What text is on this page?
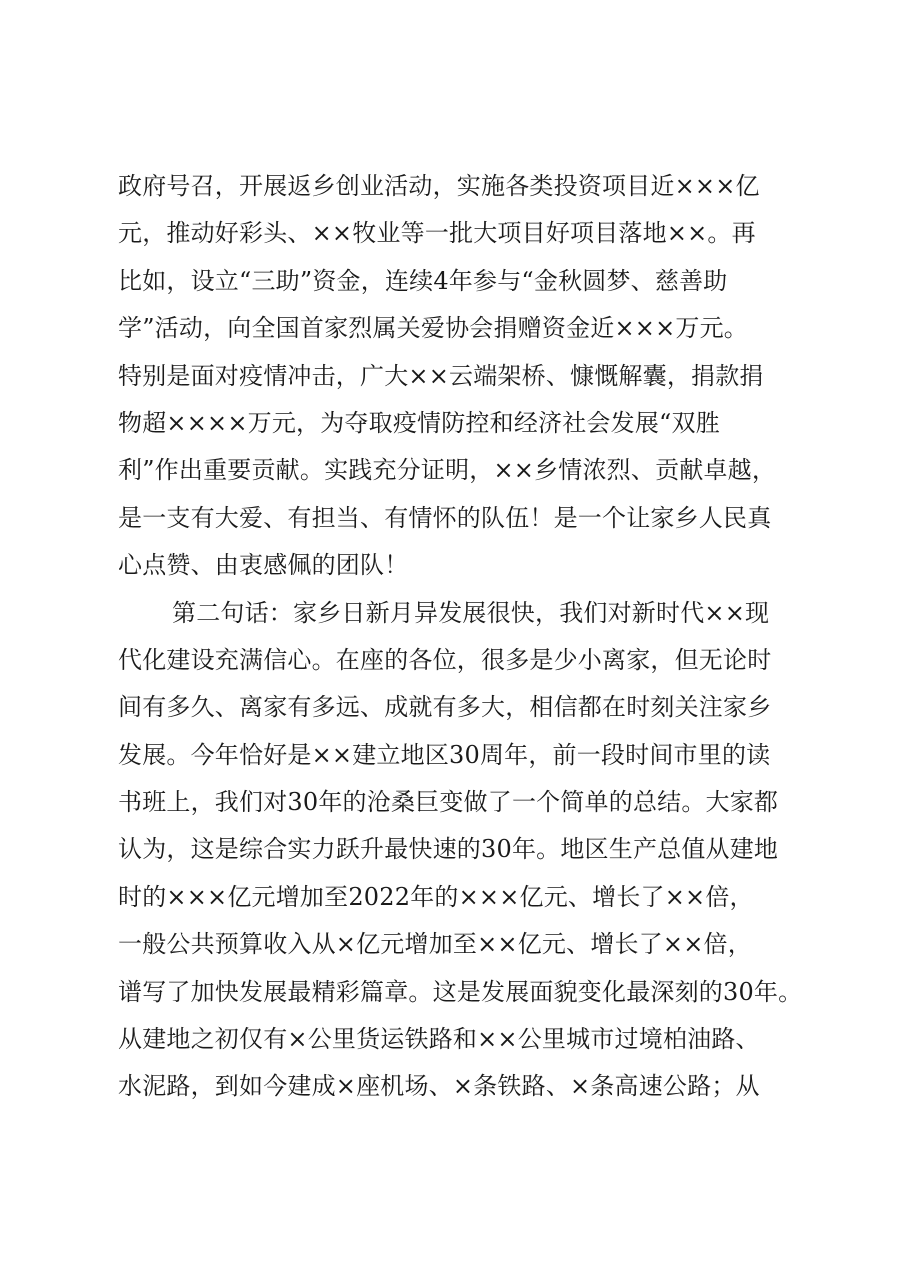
政府号召，开展返乡创业活动，实施各类投资项目近×××亿
元，推动好彩头、××牧业等一批大项目好项目落地××。再
比如，设立“三助”资金，连续4年参与“金秋圆梦、慈善助
学”活动，向全国首家烈属关爱协会捐赠资金近×××万元。
特别是面对疫情冲击，广大××云端架桥、慷慨解囊，捐款捐
物超××××万元，为夺取疫情防控和经济社会发展“双胜
利”作出重要贡献。实践充分证明，××乡情浓烈、贡献卓越，
是一支有大爱、有担当、有情怀的队伍！是一个让家乡人民真
心点赞、由衷感佩的团队！
第二句话：家乡日新月异发展很快，我们对新时代××现
代化建设充满信心。在座的各位，很多是少小离家，但无论时
间有多久、离家有多远、成就有多大，相信都在时刻关注家乡
发展。今年恰好是××建立地区30周年，前一段时间市里的读
书班上，我们对30年的沧桑巨变做了一个简单的总结。大家都
认为，这是综合实力跃升最快速的30年。地区生产总值从建地
时的×××亿元增加至2022年的×××亿元、增长了××倍，
一般公共预算收入从×亿元增加至××亿元、增长了××倍，
谱写了加快发展最精彩篇章。这是发展面貌变化最深刻的30年。
从建地之初仅有×公里货运铁路和××公里城市过境柏油路、
水泥路，到如今建成×座机场、×条铁路、×条高速公路；从
